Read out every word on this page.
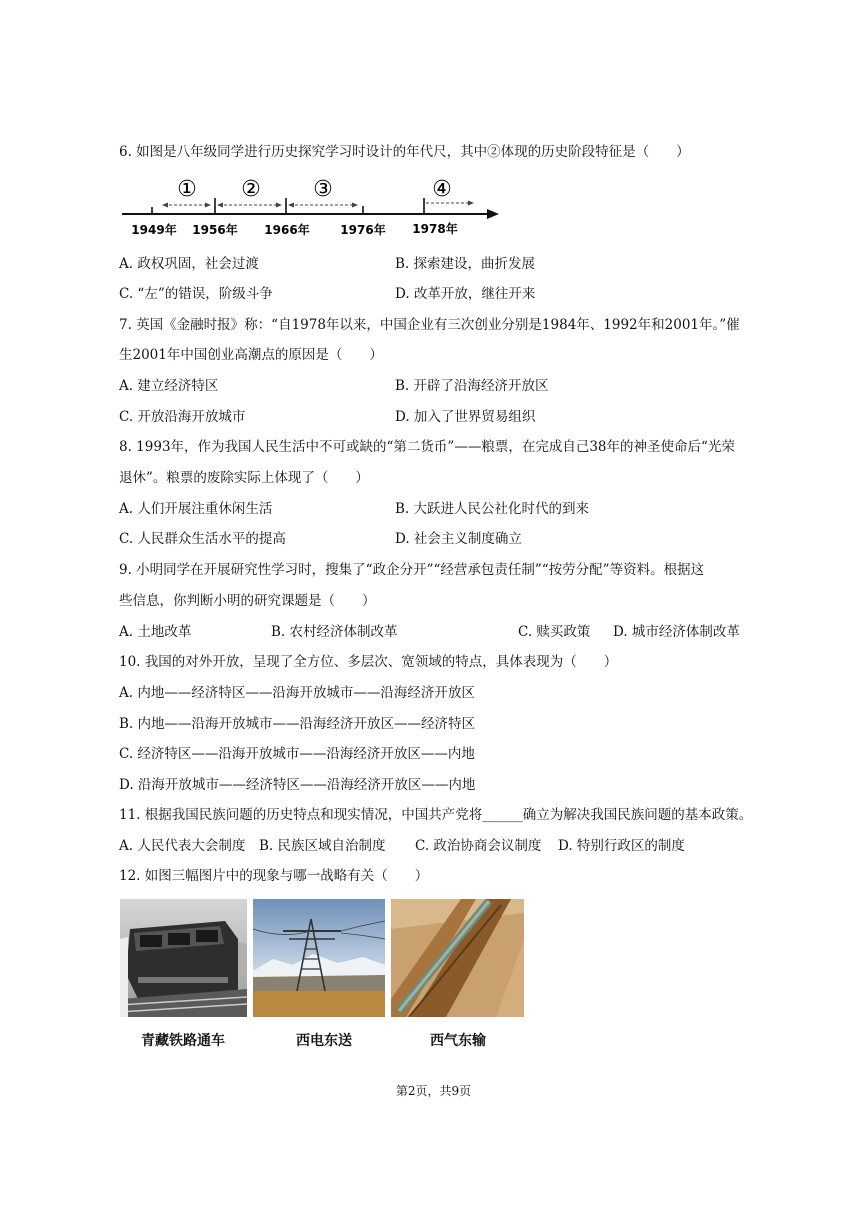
6. 如图是八年级同学进行历史探究学习时设计的年代尺，其中②体现的历史阶段特征是（　　）
① ② ③	④
1949年 1956年 1966年	1976年 1978年
A. 政权巩固，社会过渡	B. 探索建设，曲折发展
C. “左”的错误，阶级斗争	D. 改革开放，继往开来
7. 英国《金融时报》称：“自1978年以来，中国企业有三次创业分别是1984年、1992年和2001年。”催
生2001年中国创业高潮点的原因是（　　）
A. 建立经济特区	B. 开辟了沿海经济开放区
C. 开放沿海开放城市	D. 加入了世界贸易组织
8. 1993年，作为我国人民生活中不可或缺的“第二货币”——粮票，在完成自己38年的神圣使命后“光荣
退休”。粮票的废除实际上体现了（　　）
A. 人们开展注重休闲生活	B. 大跃进人民公社化时代的到来
C. 人民群众生活水平的提高	D. 社会主义制度确立
9. 小明同学在开展研究性学习时，搜集了“政企分开”“经营承包责任制”“按劳分配”等资料。根据这
些信息，你判断小明的研究课题是（　　）
A. 土地改革	B. 农村经济体制改革	C. 赎买政策 D. 城市经济体制改革
10. 我国的对外开放，呈现了全方位、多层次、宽领域的特点，具体表现为（　　）
A. 内地——经济特区——沿海开放城市——沿海经济开放区
B. 内地——沿海开放城市——沿海经济开放区——经济特区
C. 经济特区——沿海开放城市——沿海经济开放区——内地
D. 沿海开放城市——经济特区——沿海经济开放区——内地
11. 根据我国民族问题的历史特点和现实情况，中国共产党将______确立为解决我国民族问题的基本政策。
A. 人民代表大会制度 B. 民族区域自治制度 C. 政治协商会议制度 D. 特别行政区的制度
12. 如图三幅图片中的现象与哪一战略有关（　　）
青藏铁路通车	西电东送	西气东输
第2页，共9页
